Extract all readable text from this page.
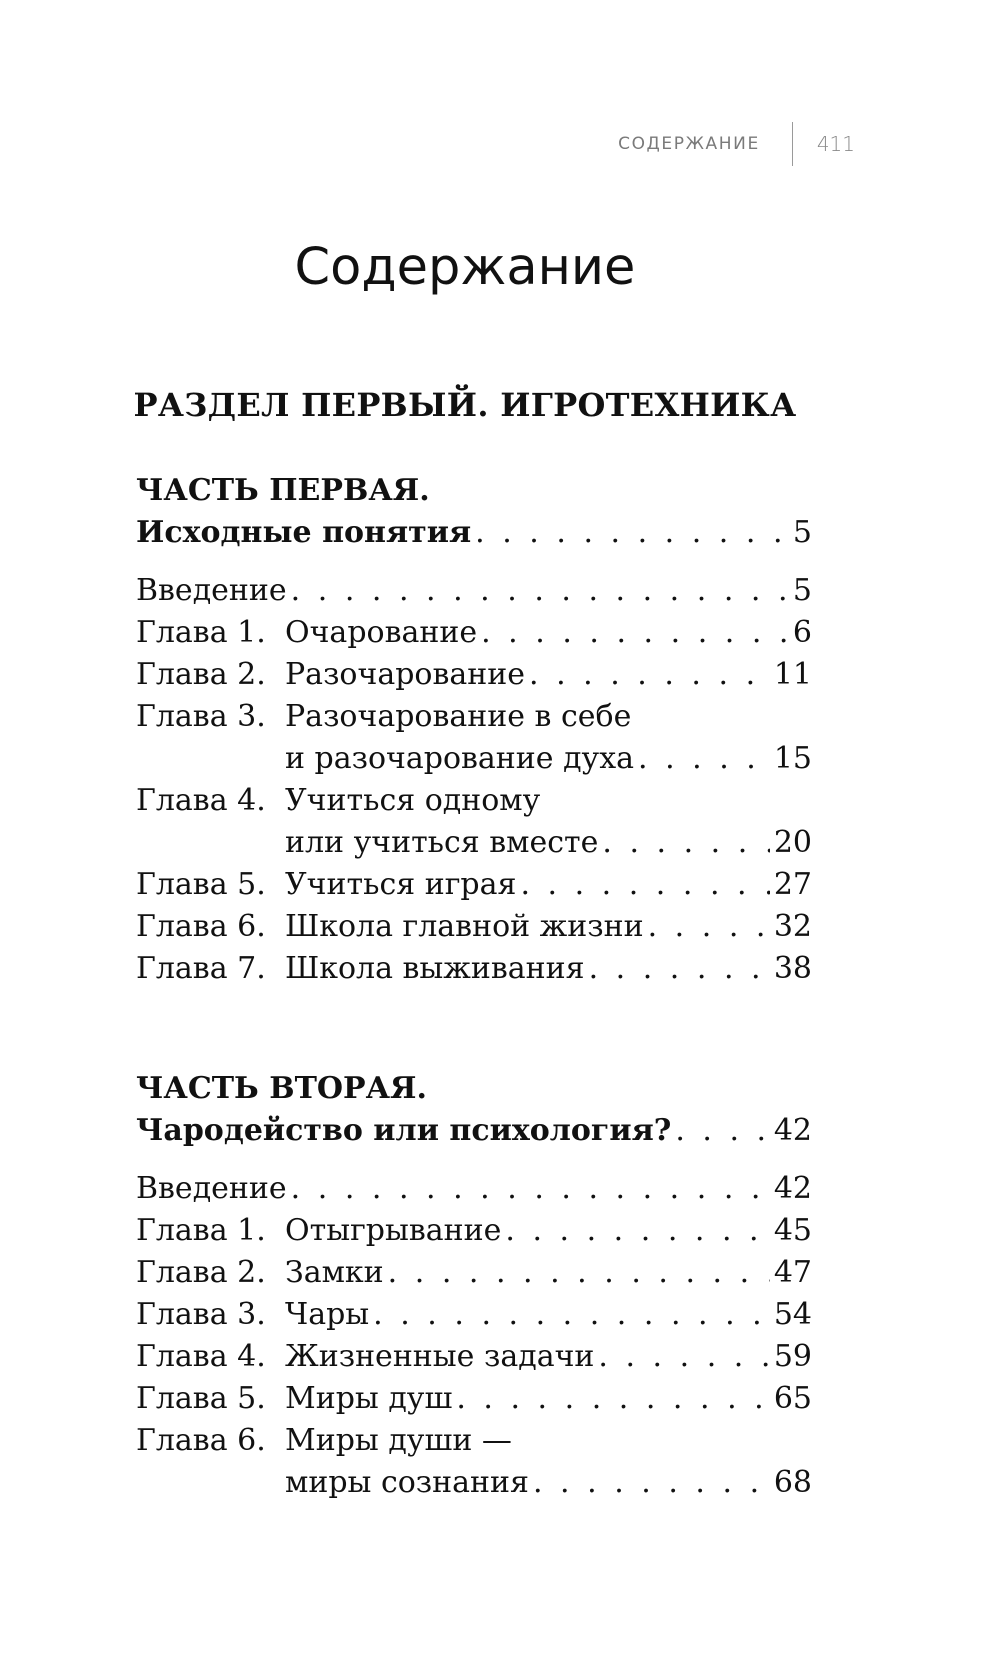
СОДЕРЖАНИЕ	411
Содержание
РАЗДЕЛ ПЕРВЫЙ. ИГРОТЕХНИКА

ЧАСТЬ ПЕРВАЯ.

Исходные понятия . . .	5
Введение . . .	5
Глава 1. Очарование . . .	6
Глава 2. Разочарование . . .	11
Глава 3. Разочарование в себе
и разочарование духа . . .	15
Глава 4. Учиться одному
или учиться вместе . . .	20
Глава 5. Учиться играя . . .	27
Глава 6. Школа главной жизни . . .	32
Глава 7. Школа выживания . . .	38

ЧАСТЬ ВТОРАЯ.

Чародейство или психология? . . .	42
Введение . . .	42
Глава 1. Отыгрывание . . .	45
Глава 2. Замки . . .	47
Глава 3. Чары . . .	54
Глава 4. Жизненные задачи . . .	59
Глава 5. Миры душ . . .	65
Глава 6. Миры души —
миры сознания . . .	68
